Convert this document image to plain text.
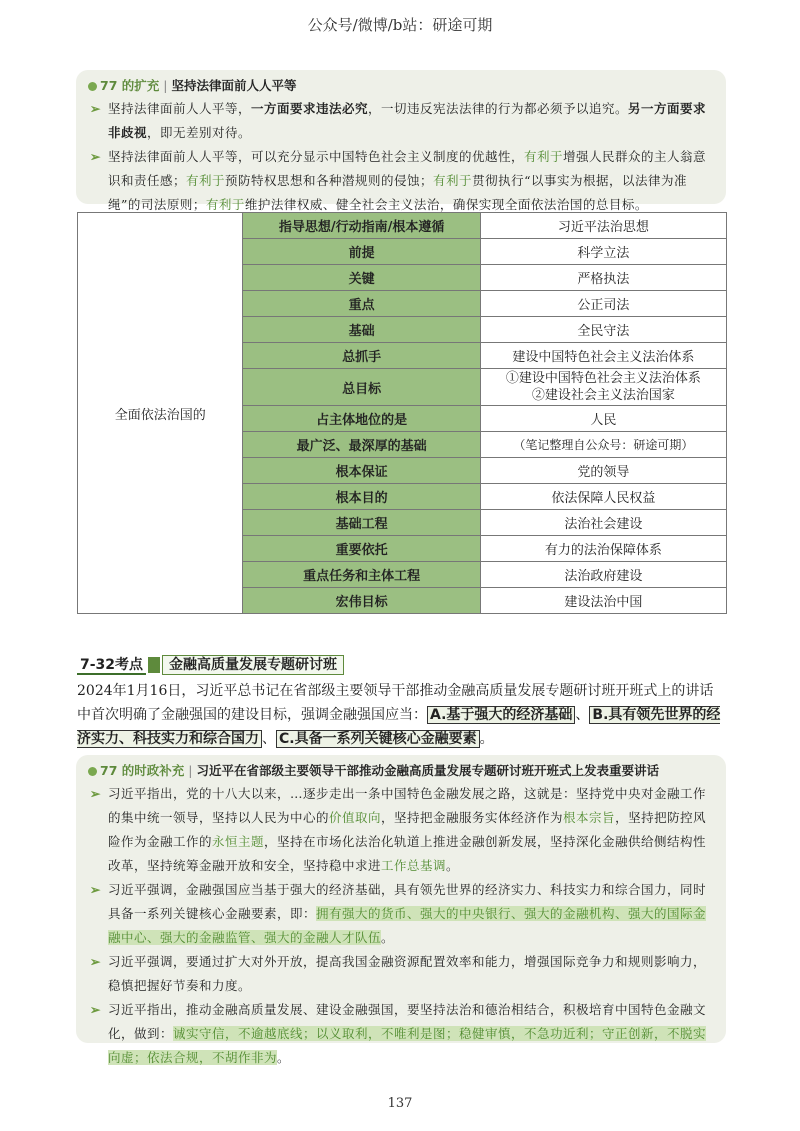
公众号/微博/b站：研途可期
77 的扩充 | 坚持法律面前人人平等
➢ 坚持法律面前人人平等，一方面要求违法必究，一切违反宪法法律的行为都必须予以追究。另一方面要求非歧视，即无差别对待。
➢ 坚持法律面前人人平等，可以充分显示中国特色社会主义制度的优越性，有利于增强人民群众的主人翁意识和责任感；有利于预防特权思想和各种潜规则的侵蚀；有利于贯彻执行“以事实为根据，以法律为准绳”的司法原则；有利于维护法律权威、健全社会主义法治，确保实现全面依法治国的总目标。
全面依法治国的	指导思想/行动指南/根本遵循	习近平法治思想
	前提	科学立法
	关键	严格执法
	重点	公正司法
	基础	全民守法
	总抓手	建设中国特色社会主义法治体系
	总目标	①建设中国特色社会主义法治体系
②建设社会主义法治国家

	占主体地位的是	人民
	最广泛、最深厚的基础	（笔记整理自公众号：研途可期）
	根本保证	党的领导
	根本目的	依法保障人民权益
	基础工程	法治社会建设
	重要依托	有力的法治保障体系
	重点任务和主体工程	法治政府建设
	宏伟目标	建设法治中国
7-32考点 金融高质量发展专题研讨班
2024年1月16日，习近平总书记在省部级主要领导干部推动金融高质量发展专题研讨班开班式上的讲话中首次明确了金融强国的建设目标，强调金融强国应当： A.基于强大的经济基础 、 B.具有领先世界的经济实力、科技实力和综合国力 、 C.具备一系列关键核心金融要素 。
77 的时政补充 | 习近平在省部级主要领导干部推动金融高质量发展专题研讨班开班式上发表重要讲话
➢ 习近平指出，党的十八大以来，…逐步走出一条中国特色金融发展之路，这就是：坚持党中央对金融工作的集中统一领导，坚持以人民为中心的价值取向，坚持把金融服务实体经济作为根本宗旨，坚持把防控风险作为金融工作的永恒主题，坚持在市场化法治化轨道上推进金融创新发展，坚持深化金融供给侧结构性改革，坚持统筹金融开放和安全，坚持稳中求进工作总基调。
➢ 习近平强调，金融强国应当基于强大的经济基础，具有领先世界的经济实力、科技实力和综合国力，同时具备一系列关键核心金融要素，即：拥有强大的货币、强大的中央银行、强大的金融机构、强大的国际金融中心、强大的金融监管、强大的金融人才队伍。
➢ 习近平强调，要通过扩大对外开放，提高我国金融资源配置效率和能力，增强国际竞争力和规则影响力，稳慎把握好节奏和力度。
➢ 习近平指出，推动金融高质量发展、建设金融强国，要坚持法治和德治相结合，积极培育中国特色金融文化，做到：诚实守信，不逾越底线；以义取利，不唯利是图；稳健审慎，不急功近利；守正创新，不脱实向虚；依法合规，不胡作非为。
137
